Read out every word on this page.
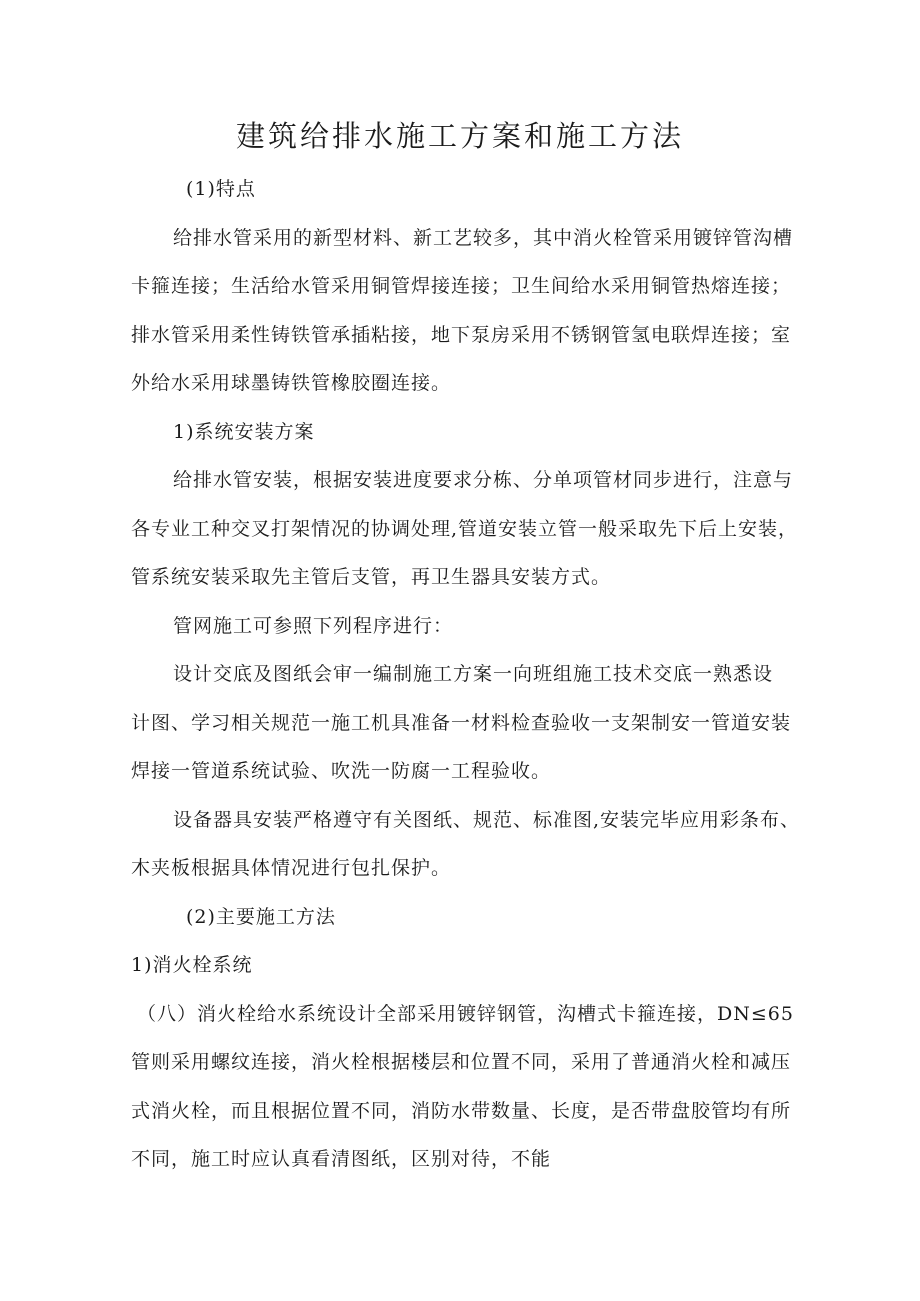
建筑给排水施工方案和施工方法
(1)特点
给排水管采用的新型材料、新工艺较多，其中消火栓管采用镀锌管沟槽
卡箍连接；生活给水管采用铜管焊接连接；卫生间给水采用铜管热熔连接；
排水管采用柔性铸铁管承插粘接，地下泵房采用不锈钢管氢电联焊连接；室
外给水采用球墨铸铁管橡胶圈连接。
1)系统安装方案
给排水管安装，根据安装进度要求分栋、分单项管材同步进行，注意与
各专业工种交叉打架情况的协调处理,管道安装立管一般采取先下后上安装，
管系统安装采取先主管后支管，再卫生器具安装方式。
管网施工可参照下列程序进行：
设计交底及图纸会审一编制施工方案一向班组施工技术交底一熟悉设
计图、学习相关规范一施工机具准备一材料检查验收一支架制安一管道安装
焊接一管道系统试验、吹洗一防腐一工程验收。
设备器具安装严格遵守有关图纸、规范、标准图,安装完毕应用彩条布、
木夹板根据具体情况进行包扎保护。
(2)主要施工方法
1)消火栓系统
（八）消火栓给水系统设计全部采用镀锌钢管，沟槽式卡箍连接，DN≤65
管则采用螺纹连接，消火栓根据楼层和位置不同，采用了普通消火栓和减压
式消火栓，而且根据位置不同，消防水带数量、长度，是否带盘胶管均有所
不同，施工时应认真看清图纸，区别对待，不能
